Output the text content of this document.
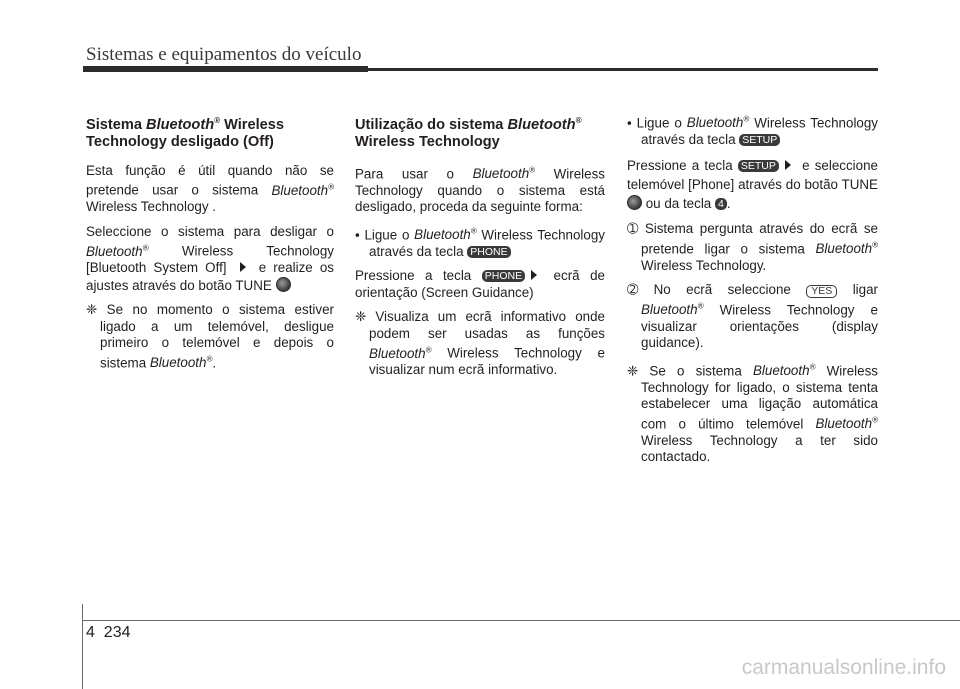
Sistemas e equipamentos do veículo
Sistema Bluetooth® Wireless Technology desligado (Off)

Esta função é útil quando não se pretende usar o sistema Bluetooth® Wireless Technology .

Seleccione o sistema para desligar o Bluetooth® Wireless Technology [Bluetooth System Off]  e realize os ajustes através do botão TUNE

❈ Se no momento o sistema estiver ligado a um telemóvel, desligue primeiro o telemóvel e depois o sistema Bluetooth®.

Utilização do sistema Bluetooth® Wireless Technology

Para usar o Bluetooth® Wireless Technology quando o sistema está desligado, proceda da seguinte forma:

• Ligue o Bluetooth® Wireless Technology através da tecla PHONE

Pressione a tecla PHONE ecrã de orientação (Screen Guidance)

❈ Visualiza um ecrã informativo onde podem ser usadas as funções Bluetooth® Wireless Technology e visualizar num ecrã informativo.

• Ligue o Bluetooth® Wireless Technology através da tecla SETUP

Pressione a tecla SETUP e seleccione telemóvel [Phone] através do botão TUNE  ou da tecla 4 .

➀ Sistema pergunta através do ecrã se pretende ligar o sistema Bluetooth® Wireless Technology.

➁ No ecrã seleccione YES ligar Bluetooth® Wireless Technology e visualizar orientações (display guidance).

❈ Se o sistema Bluetooth® Wireless Technology for ligado, o sistema tenta estabelecer uma ligação automática com o último telemóvel Bluetooth® Wireless Technology a ter sido contactado.

4 234
carmanualsonline.info
